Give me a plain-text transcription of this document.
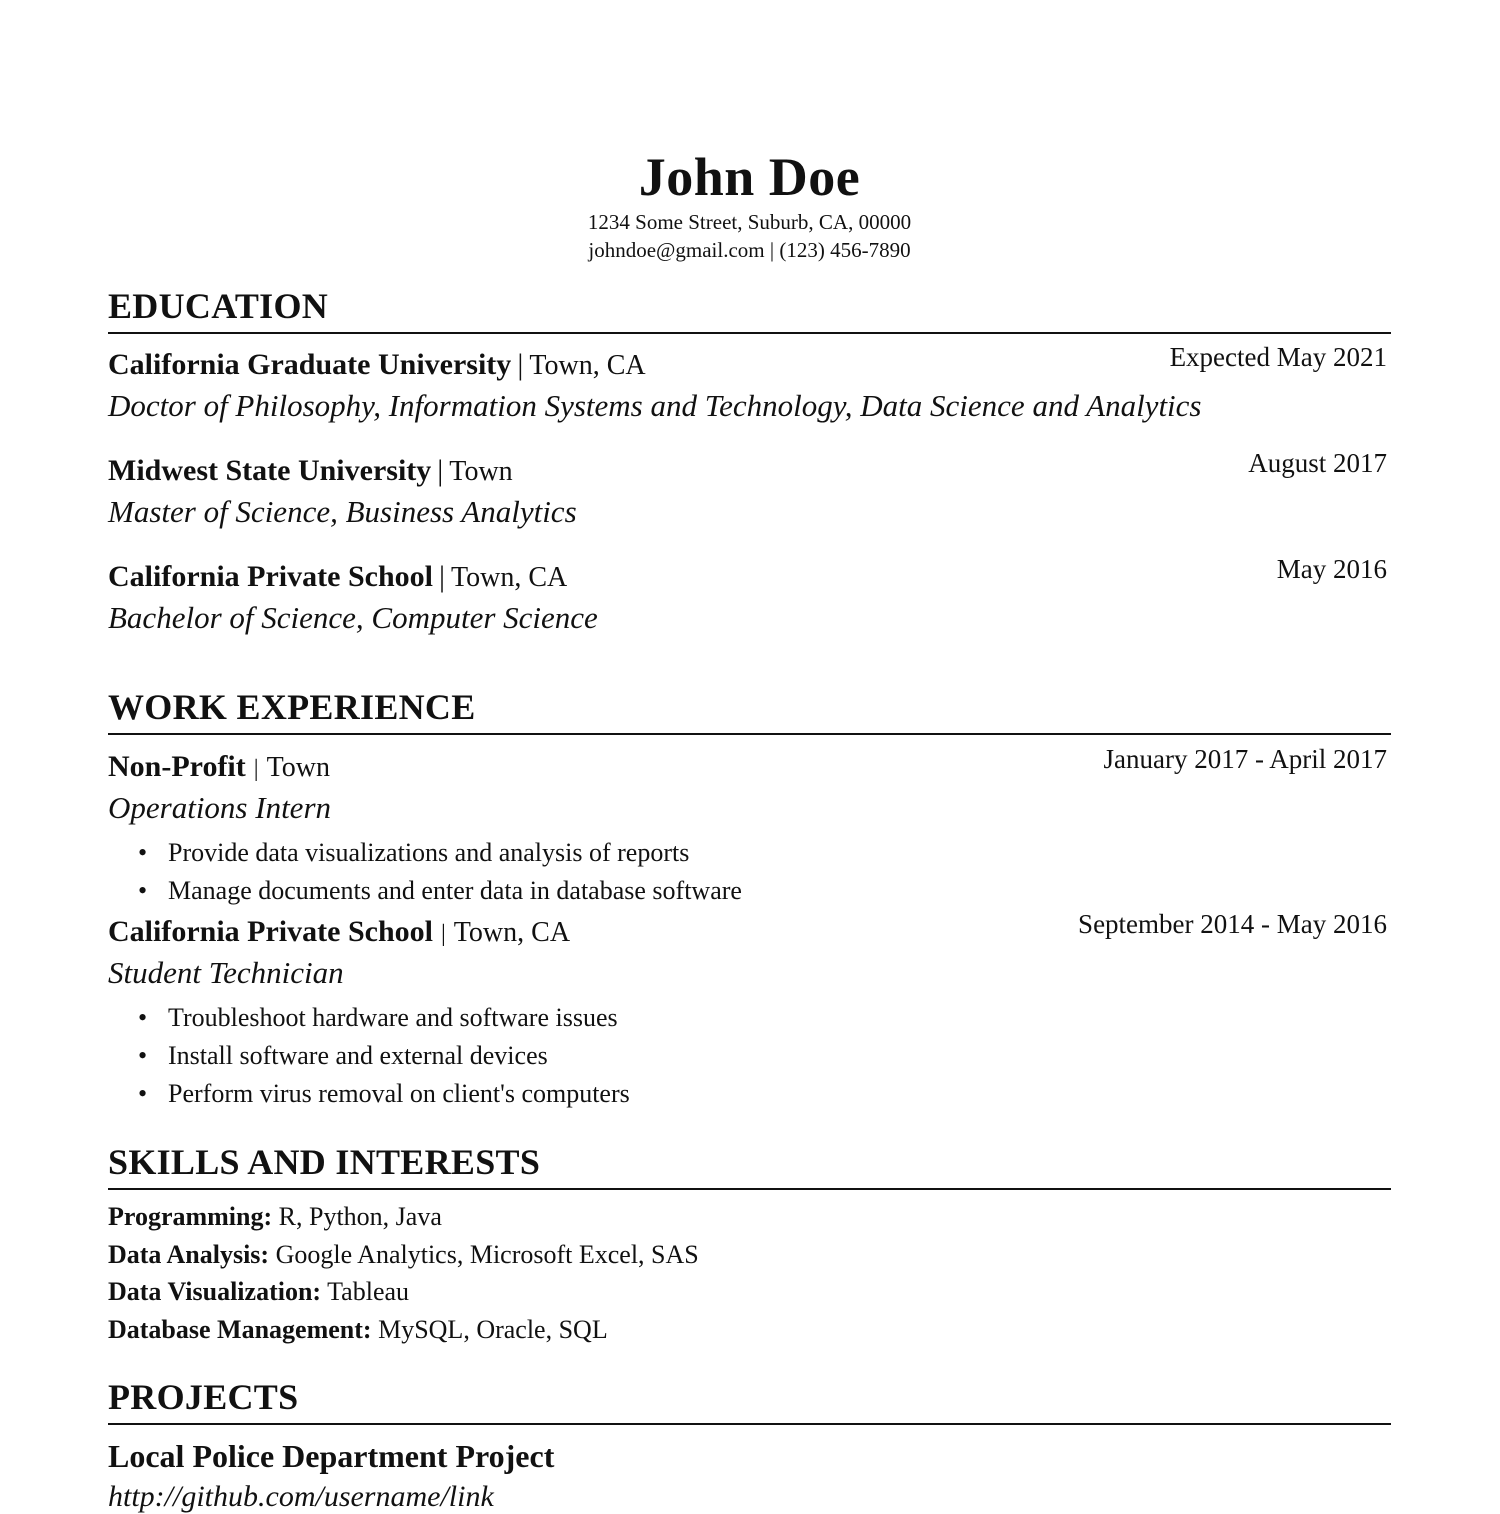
John Doe
1234 Some Street, Suburb, CA, 00000
johndoe@gmail.com | (123) 456-7890
EDUCATION
California Graduate University | Town, CA	Expected May 2021
Doctor of Philosophy, Information Systems and Technology, Data Science and Analytics
Midwest State University | Town	August 2017
Master of Science, Business Analytics
California Private School | Town, CA	May 2016
Bachelor of Science, Computer Science
WORK EXPERIENCE
Non-Profit | Town	January 2017 - April 2017
Operations Intern
• Provide data visualizations and analysis of reports
• Manage documents and enter data in database software
California Private School | Town, CA	September 2014 - May 2016
Student Technician
• Troubleshoot hardware and software issues
• Install software and external devices
• Perform virus removal on client's computers
SKILLS AND INTERESTS
Programming: R, Python, Java
Data Analysis: Google Analytics, Microsoft Excel, SAS
Data Visualization: Tableau
Database Management: MySQL, Oracle, SQL
PROJECTS
Local Police Department Project
http://github.com/username/link
